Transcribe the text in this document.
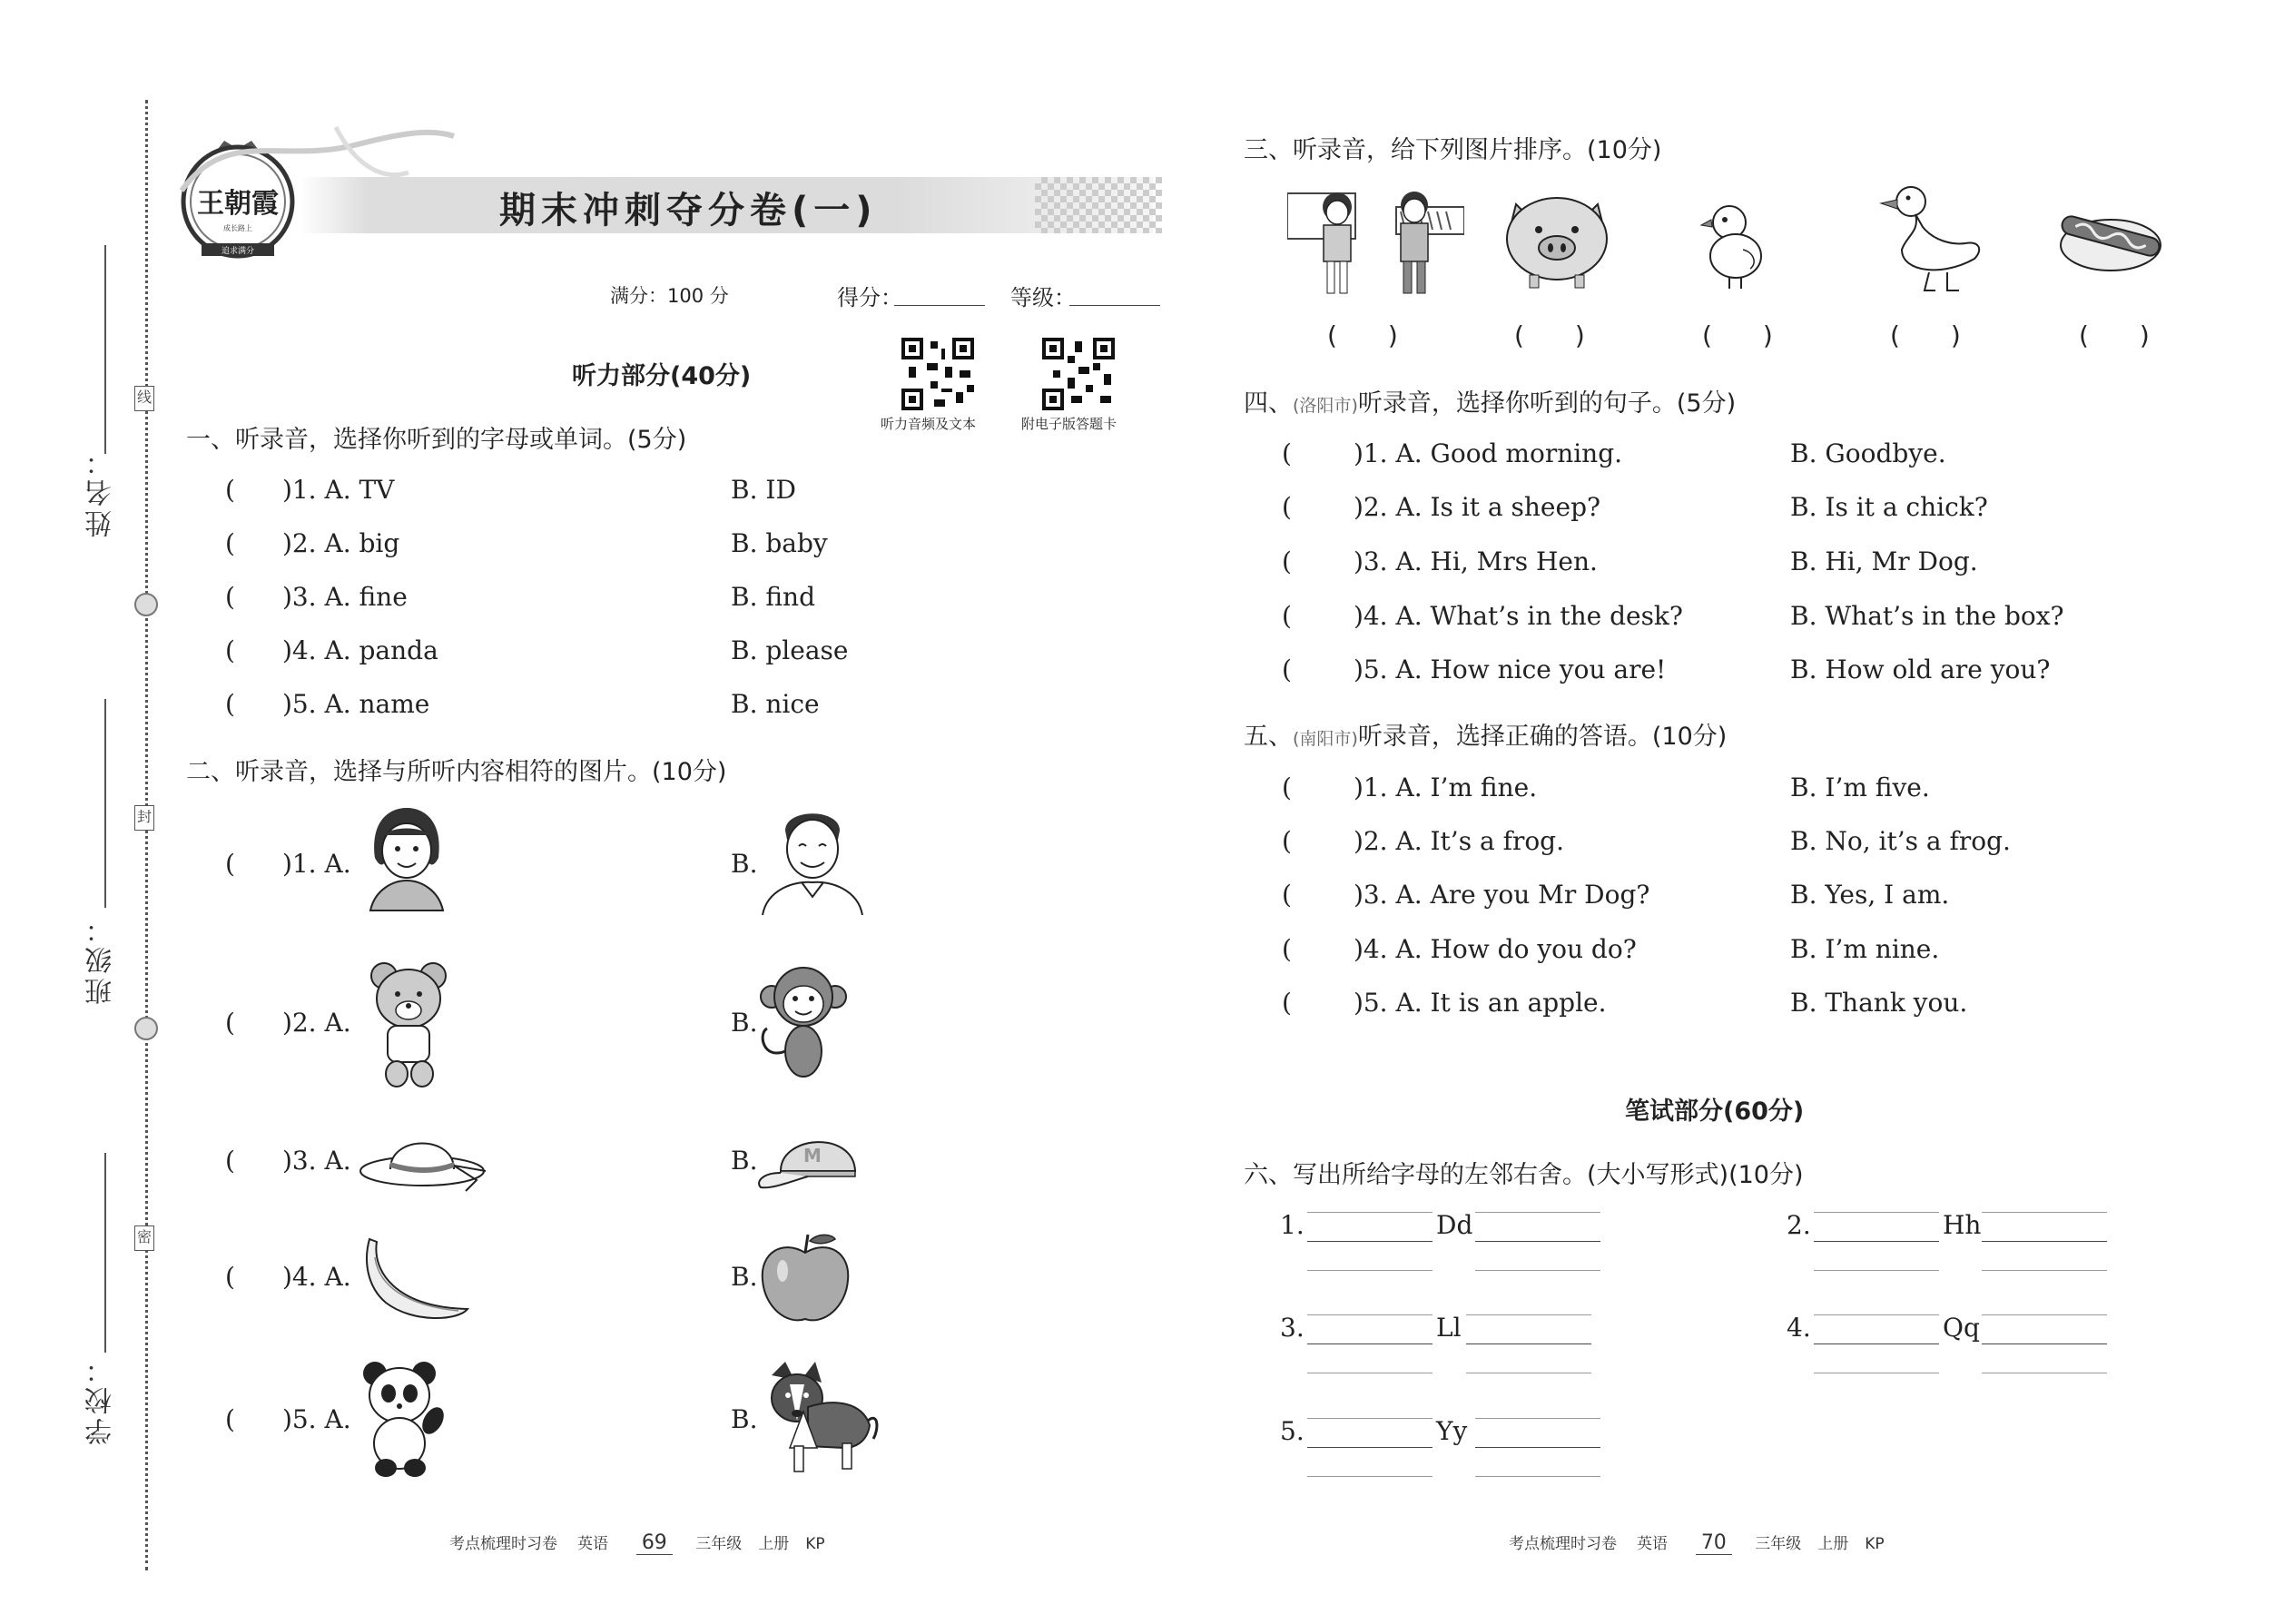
姓名：
班级：
学校：
线
封
密
王朝霞
成长路上
追求满分
期末冲刺夺分卷(一)
满分：100 分	得分：	等级：
听力音频及文本	附电子版答题卡
听力部分(40分)
一、听录音，选择你听到的字母或单词。(5分)
( )1. A. TV	B. ID
( )2. A. big	B. baby
( )3. A. fine	B. find
( )4. A. panda	B. please
( )5. A. name	B. nice
二、听录音，选择与所听内容相符的图片。(10分)
( )1. A.	B.
( )2. A.	B.
( )3. A.	B.	M
( )4. A.	B.
( )5. A.	B.
考点梳理时习卷 英语 69 三年级 上册 KP
三、听录音，给下列图片排序。(10分)
(　　)	(　　)	(　　)	(　　)	(　　)
四、(洛阳市)听录音，选择你听到的句子。(5分)
( )1. A. Good morning.	B. Goodbye.
( )2. A. Is it a sheep?	B. Is it a chick?
( )3. A. Hi, Mrs Hen.	B. Hi, Mr Dog.
( )4. A. What’s in the desk?	B. What’s in the box?
( )5. A. How nice you are!	B. How old are you?
五、(南阳市)听录音，选择正确的答语。(10分)
( )1. A. I’m fine.	B. I’m five.
( )2. A. It’s a frog.	B. No, it’s a frog.
( )3. A. Are you Mr Dog?	B. Yes, I am.
( )4. A. How do you do?	B. I’m nine.
( )5. A. It is an apple.	B. Thank you.
笔试部分(60分)
六、写出所给字母的左邻右舍。(大小写形式)(10分)
1.	Dd	2.	Hh
3.	Ll	4.	Qq
5.	Yy
考点梳理时习卷 英语 70 三年级 上册 KP
